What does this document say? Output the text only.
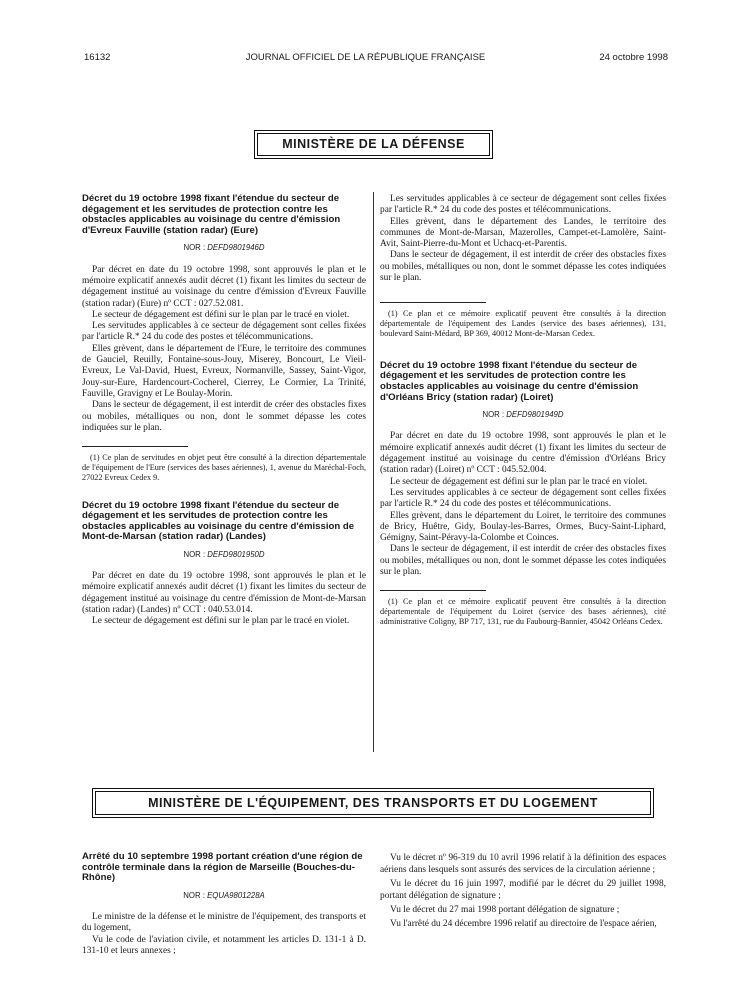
16132	JOURNAL OFFICIEL DE LA RÉPUBLIQUE FRANÇAISE	24 octobre 1998
MINISTÈRE DE LA DÉFENSE

Décret du 19 octobre 1998 fixant l'étendue du secteur de dégagement et les servitudes de protection contre les obstacles applicables au voisinage du centre d'émission d'Evreux Fauville (station radar) (Eure)

NOR : DEFD9801946D

Par décret en date du 19 octobre 1998, sont approuvés le plan et le mémoire explicatif annexés audit décret (1) fixant les limites du secteur de dégagement institué au voisinage du centre d'émission d'Evreux Fauville (station radar) (Eure) nº CCT : 027.52.081.

Le secteur de dégagement est défini sur le plan par le tracé en violet.

Les servitudes applicables à ce secteur de dégagement sont celles fixées par l'article R.* 24 du code des postes et télécommunications.

Elles grèvent, dans le département de l'Eure, le territoire des communes de Gauciel, Reuilly, Fontaine-sous-Jouy, Miserey, Boncourt, Le Vieil-Evreux, Le Val-David, Huest, Evreux, Normanville, Sassey, Saint-Vigor, Jouy-sur-Eure, Hardencourt-Cocherel, Cierrey, Le Cormier, La Trinité, Fauville, Gravigny et Le Boulay-Morin.

Dans le secteur de dégagement, il est interdit de créer des obstacles fixes ou mobiles, métalliques ou non, dont le sommet dépasse les cotes indiquées sur le plan.

(1) Ce plan de servitudes en objet peut être consulté à la direction départementale de l'équipement de l'Eure (services des bases aériennes), 1, avenue du Maréchal-Foch, 27022 Evreux Cedex 9.

Décret du 19 octobre 1998 fixant l'étendue du secteur de dégagement et les servitudes de protection contre les obstacles applicables au voisinage du centre d'émission de Mont-de-Marsan (station radar) (Landes)

NOR : DEFD9801950D

Par décret en date du 19 octobre 1998, sont approuvés le plan et le mémoire explicatif annexés audit décret (1) fixant les limites du secteur de dégagement institué au voisinage du centre d'émission de Mont-de-Marsan (station radar) (Landes) nº CCT : 040.53.014.

Le secteur de dégagement est défini sur le plan par le tracé en violet.

Les servitudes applicables à ce secteur de dégagement sont celles fixées par l'article R.* 24 du code des postes et télécommunications.

Elles grèvent, dans le département des Landes, le territoire des communes de Mont-de-Marsan, Mazerolles, Campet-et-Lamolère, Saint-Avit, Saint-Pierre-du-Mont et Uchacq-et-Parentis.

Dans le secteur de dégagement, il est interdit de créer des obstacles fixes ou mobiles, métalliques ou non, dont le sommet dépasse les cotes indiquées sur le plan.

(1) Ce plan et ce mémoire explicatif peuvent être consultés à la direction départementale de l'équipement des Landes (service des bases aériennes), 131, boulevard Saint-Médard, BP 369, 40012 Mont-de-Marsan Cedex.

Décret du 19 octobre 1998 fixant l'étendue du secteur de dégagement et les servitudes de protection contre les obstacles applicables au voisinage du centre d'émission d'Orléans Bricy (station radar) (Loiret)

NOR : DEFD9801949D

Par décret en date du 19 octobre 1998, sont approuvés le plan et le mémoire explicatif annexés audit décret (1) fixant les limites du secteur de dégagement institué au voisinage du centre d'émission d'Orléans Bricy (station radar) (Loiret) nº CCT : 045.52.004.

Le secteur de dégagement est défini sur le plan par le tracé en violet.

Les servitudes applicables à ce secteur de dégagement sont celles fixées par l'article R.* 24 du code des postes et télécommunications.

Elles grèvent, dans le département du Loiret, le territoire des communes de Bricy, Huêtre, Gidy, Boulay-les-Barres, Ormes, Bucy-Saint-Liphard, Gémigny, Saint-Péravy-la-Colombe et Coinces.

Dans le secteur de dégagement, il est interdit de créer des obstacles fixes ou mobiles, métalliques ou non, dont le sommet dépasse les cotes indiquées sur le plan.

(1) Ce plan et ce mémoire explicatif peuvent être consultés à la direction départementale de l'équipement du Loiret (service des bases aériennes), cité administrative Coligny, BP 717, 131, rue du Faubourg-Bannier, 45042 Orléans Cedex.

MINISTÈRE DE L'ÉQUIPEMENT, DES TRANSPORTS ET DU LOGEMENT

Arrêté du 10 septembre 1998 portant création d'une région de contrôle terminale dans la région de Marseille (Bouches-du-Rhône)

NOR : EQUA9801228A

Le ministre de la défense et le ministre de l'équipement, des transports et du logement,

Vu le code de l'aviation civile, et notamment les articles D. 131-1 à D. 131-10 et leurs annexes ;

Vu le décret nº 96-319 du 10 avril 1996 relatif à la définition des espaces aériens dans lesquels sont assurés des services de la circulation aérienne ;

Vu le décret du 16 juin 1997, modifié par le décret du 29 juillet 1998, portant délégation de signature ;

Vu le décret du 27 mai 1998 portant délégation de signature ;

Vu l'arrêté du 24 décembre 1996 relatif au directoire de l'espace aérien,
